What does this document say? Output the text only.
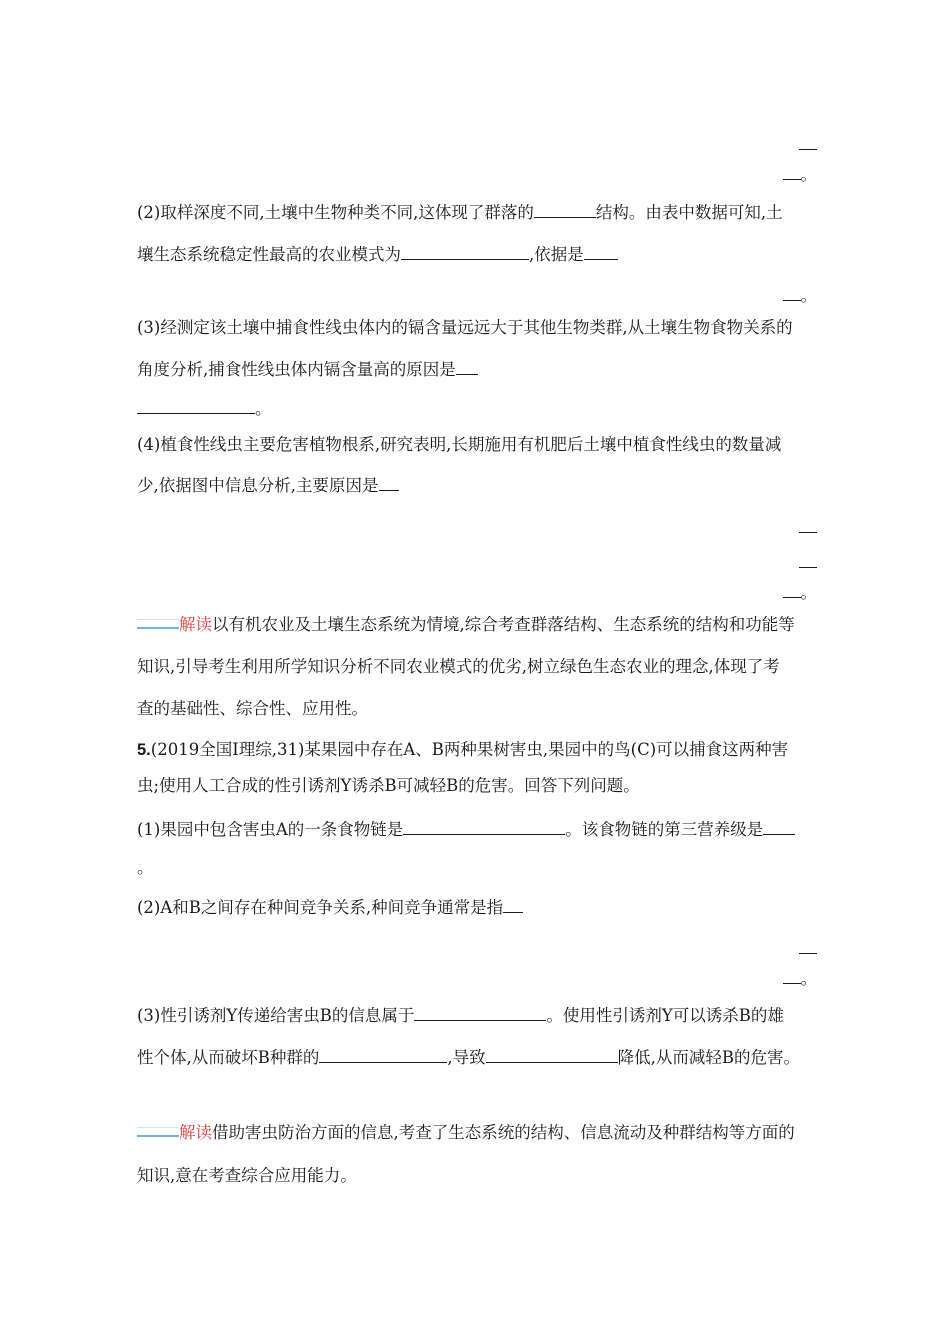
。
(2)取样深度不同,土壤中生物种类不同,这体现了群落的	结构。由表中数据可知,土
壤生态系统稳定性最高的农业模式为	,依据是
。
(3)经测定该土壤中捕食性线虫体内的镉含量远远大于其他生物类群,从土壤生物食物关系的
角度分析,捕食性线虫体内镉含量高的原因是
。
(4)植食性线虫主要危害植物根系,研究表明,长期施用有机肥后土壤中植食性线虫的数量减
少,依据图中信息分析,主要原因是
。
解读以有机农业及土壤生态系统为情境,综合考查群落结构、生态系统的结构和功能等
知识,引导考生利用所学知识分析不同农业模式的优劣,树立绿色生态农业的理念,体现了考
查的基础性、综合性、应用性。
5.(2019全国Ⅰ理综,31)某果园中存在A、B两种果树害虫,果园中的鸟(C)可以捕食这两种害
虫;使用人工合成的性引诱剂Y诱杀B可减轻B的危害。回答下列问题。
(1)果园中包含害虫A的一条食物链是	。该食物链的第三营养级是
。
(2)A和B之间存在种间竞争关系,种间竞争通常是指
。
(3)性引诱剂Y传递给害虫B的信息属于	。使用性引诱剂Y可以诱杀B的雄
性个体,从而破坏B种群的	,导致	降低,从而减轻B的危害。
解读借助害虫防治方面的信息,考查了生态系统的结构、信息流动及种群结构等方面的
知识,意在考查综合应用能力。
